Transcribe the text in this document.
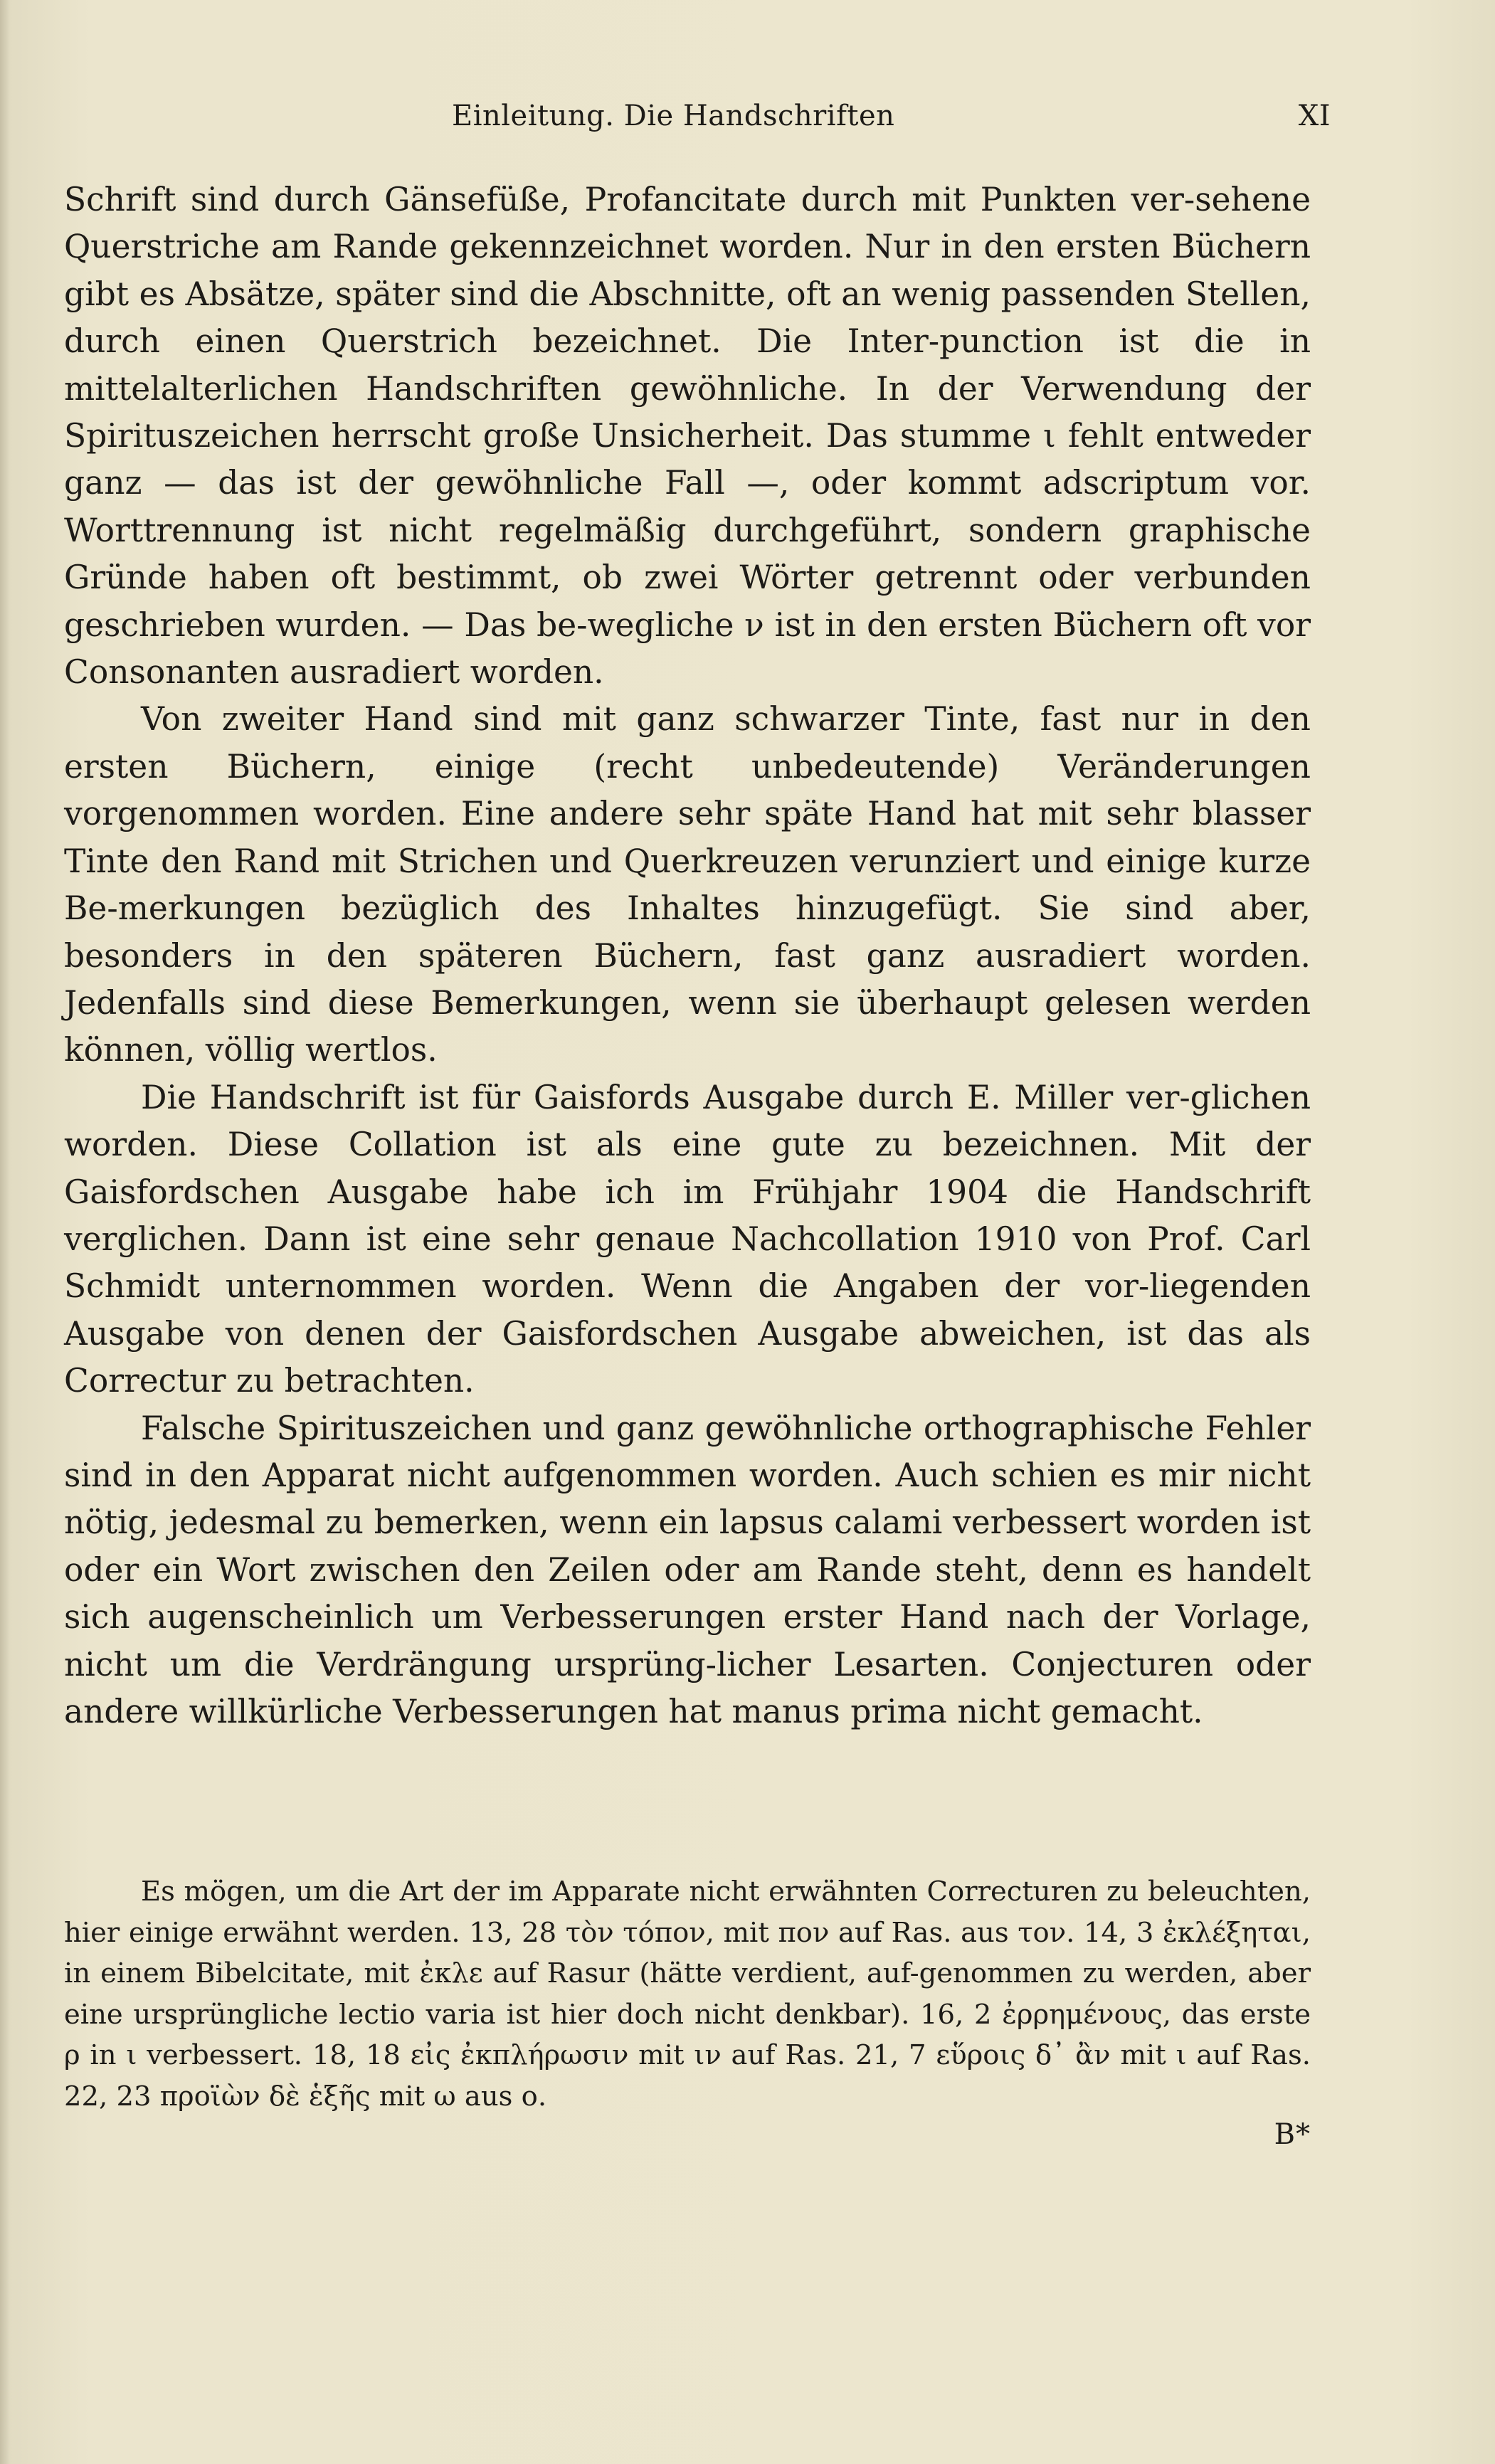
Einleitung. Die Handschriften	XI

Schrift sind durch Gänsefüße, Profancitate durch mit Punkten ver-sehene Querstriche am Rande gekennzeichnet worden. Nur in den ersten Büchern gibt es Absätze, später sind die Abschnitte, oft an wenig passenden Stellen, durch einen Querstrich bezeichnet. Die Inter-punction ist die in mittelalterlichen Handschriften gewöhnliche. In der Verwendung der Spirituszeichen herrscht große Unsicherheit. Das stumme ι fehlt entweder ganz — das ist der gewöhnliche Fall —, oder kommt adscriptum vor. Worttrennung ist nicht regelmäßig durchgeführt, sondern graphische Gründe haben oft bestimmt, ob zwei Wörter getrennt oder verbunden geschrieben wurden. — Das be-wegliche ν ist in den ersten Büchern oft vor Consonanten ausradiert worden.

Von zweiter Hand sind mit ganz schwarzer Tinte, fast nur in den ersten Büchern, einige (recht unbedeutende) Veränderungen vorgenommen worden. Eine andere sehr späte Hand hat mit sehr blasser Tinte den Rand mit Strichen und Querkreuzen verunziert und einige kurze Be-merkungen bezüglich des Inhaltes hinzugefügt. Sie sind aber, besonders in den späteren Büchern, fast ganz ausradiert worden. Jedenfalls sind diese Bemerkungen, wenn sie überhaupt gelesen werden können, völlig wertlos.

Die Handschrift ist für Gaisfords Ausgabe durch E. Miller ver-glichen worden. Diese Collation ist als eine gute zu bezeichnen. Mit der Gaisfordschen Ausgabe habe ich im Frühjahr 1904 die Handschrift verglichen. Dann ist eine sehr genaue Nachcollation 1910 von Prof. Carl Schmidt unternommen worden. Wenn die Angaben der vor-liegenden Ausgabe von denen der Gaisfordschen Ausgabe abweichen, ist das als Correctur zu betrachten.

Falsche Spirituszeichen und ganz gewöhnliche orthographische Fehler sind in den Apparat nicht aufgenommen worden. Auch schien es mir nicht nötig, jedesmal zu bemerken, wenn ein lapsus calami verbessert worden ist oder ein Wort zwischen den Zeilen oder am Rande steht, denn es handelt sich augenscheinlich um Verbesserungen erster Hand nach der Vorlage, nicht um die Verdrängung ursprüng-licher Lesarten. Conjecturen oder andere willkürliche Verbesserungen hat manus prima nicht gemacht.

Es mögen, um die Art der im Apparate nicht erwähnten Correcturen zu beleuchten, hier einige erwähnt werden. 13, 28 τὸν τόπον, mit πον auf Ras. aus τον. 14, 3 ἐκλέξηται, in einem Bibelcitate, mit ἐκλε auf Rasur (hätte verdient, auf-genommen zu werden, aber eine ursprüngliche lectio varia ist hier doch nicht denkbar). 16, 2 ἐρρημένους, das erste ρ in ι verbessert. 18, 18 εἰς ἐκπλήρωσιν mit ιν auf Ras. 21, 7 εὕροις δ᾽ ἂν mit ι auf Ras. 22, 23 προϊὼν δὲ ἑξῆς mit ω aus ο.

B*
